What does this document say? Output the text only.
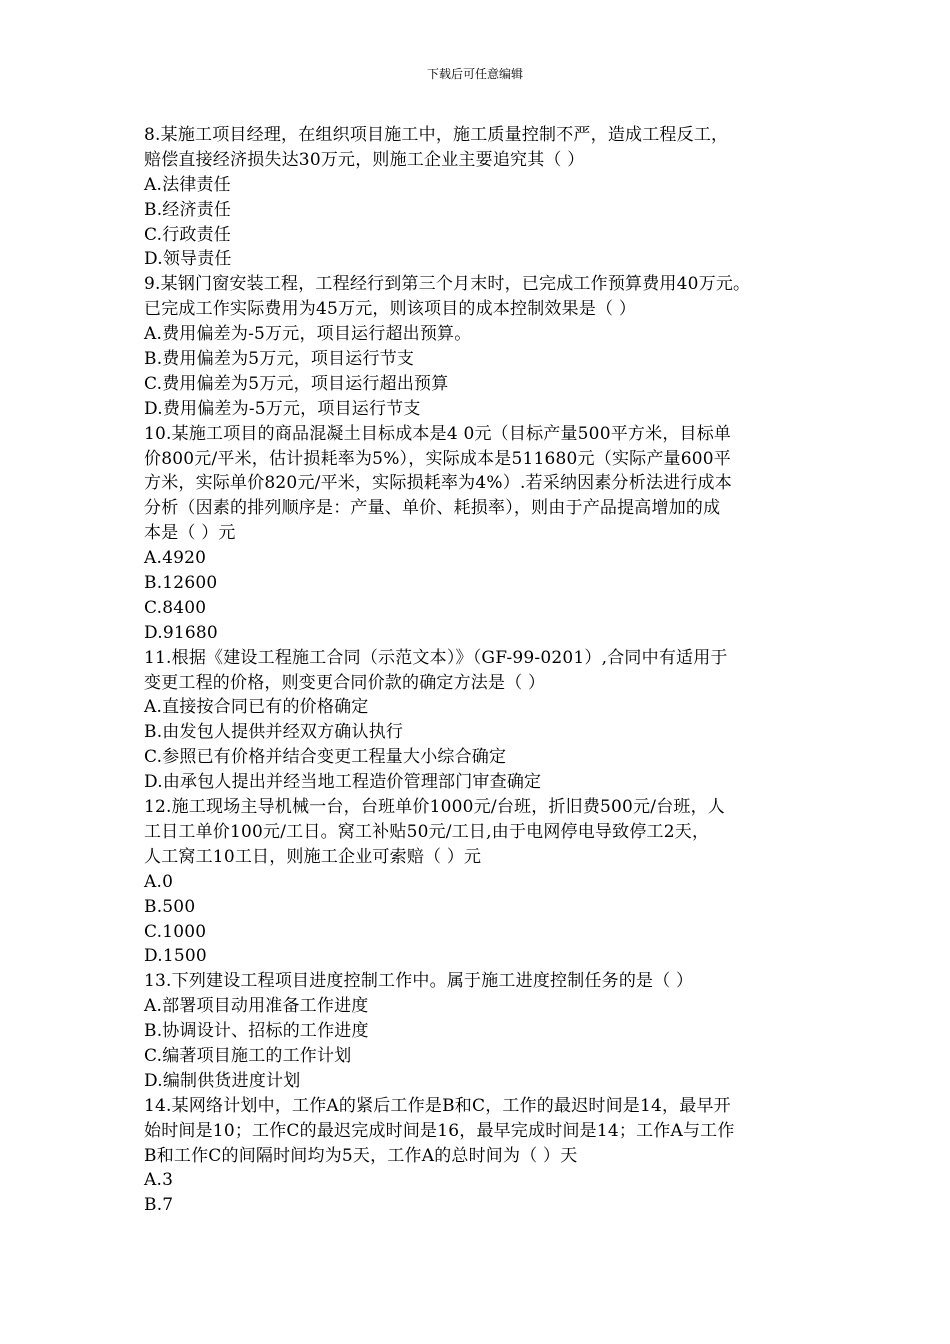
下载后可任意编辑
8.某施工项目经理，在组织项目施工中，施工质量控制不严，造成工程反工，
赔偿直接经济损失达30万元，则施工企业主要追究其（ ）
A.法律责任
B.经济责任
C.行政责任
D.领导责任
9.某钢门窗安装工程，工程经行到第三个月末时，已完成工作预算费用40万元。
已完成工作实际费用为45万元，则该项目的成本控制效果是（ ）
A.费用偏差为-5万元，项目运行超出预算。
B.费用偏差为5万元，项目运行节支
C.费用偏差为5万元，项目运行超出预算
D.费用偏差为-5万元，项目运行节支
10.某施工项目的商品混凝土目标成本是4 0元（目标产量500平方米，目标单
价800元/平米，估计损耗率为5%），实际成本是511680元（实际产量600平
方米，实际单价820元/平米，实际损耗率为4%）.若采纳因素分析法进行成本
分析（因素的排列顺序是：产量、单价、耗损率），则由于产品提高增加的成
本是（ ）元
A.4920
B.12600
C.8400
D.91680
11.根据《建设工程施工合同（示范文本）》（GF-99-0201）,合同中有适用于
变更工程的价格，则变更合同价款的确定方法是（ ）
A.直接按合同已有的价格确定
B.由发包人提供并经双方确认执行
C.参照已有价格并结合变更工程量大小综合确定
D.由承包人提出并经当地工程造价管理部门审查确定
12.施工现场主导机械一台，台班单价1000元/台班，折旧费500元/台班，人
工日工单价100元/工日。窝工补贴50元/工日,由于电网停电导致停工2天，
人工窝工10工日，则施工企业可索赔（ ）元
A.0
B.500
C.1000
D.1500
13.下列建设工程项目进度控制工作中。属于施工进度控制任务的是（ ）
A.部署项目动用准备工作进度
B.协调设计、招标的工作进度
C.编著项目施工的工作计划
D.编制供货进度计划
14.某网络计划中，工作A的紧后工作是B和C，工作的最迟时间是14，最早开
始时间是10；工作C的最迟完成时间是16，最早完成时间是14；工作A与工作
B和工作C的间隔时间均为5天，工作A的总时间为（ ）天
A.3
B.7
